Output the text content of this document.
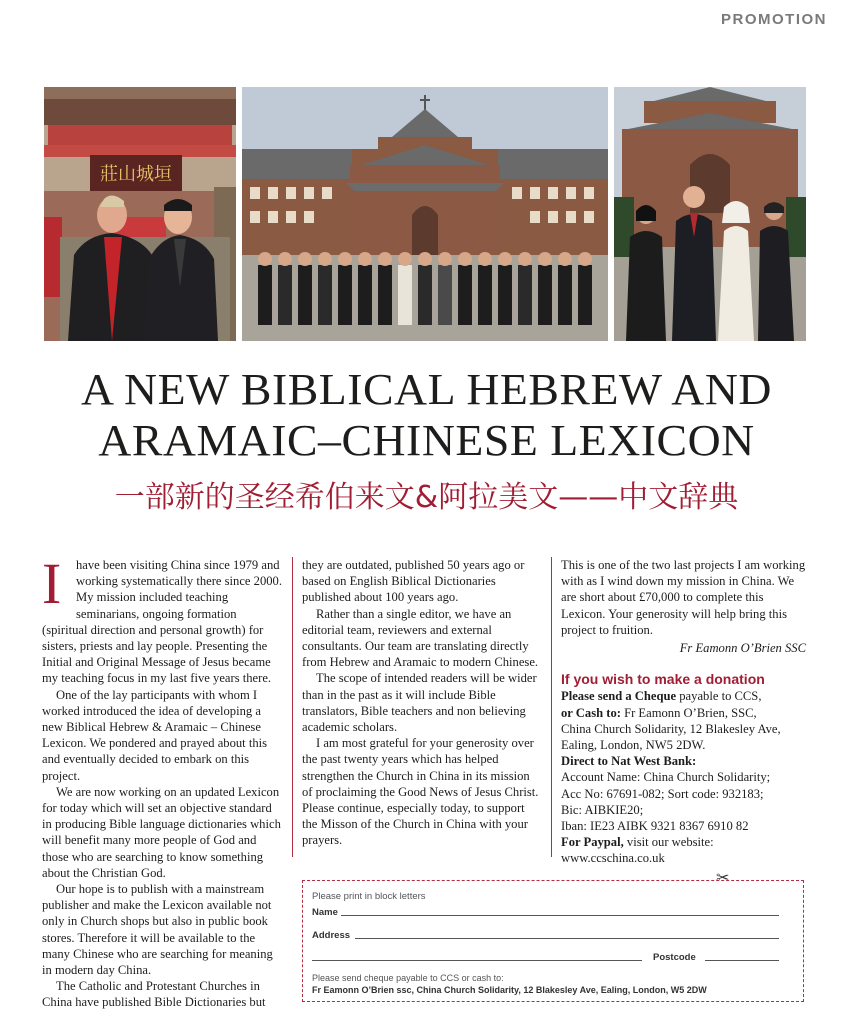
PROMOTION
莊山城垣
A NEW BIBLICAL HEBREW AND
ARAMAIC–CHINESE LEXICON
一部新的圣经希伯来文&阿拉美文——中文辞典

I	have been visiting China since 1979 and working systematically there since 2000. My mission included teaching seminarians, ongoing formation (spiritual direction and personal growth) for sisters, priests and lay people. Presenting the Initial and Original Message of Jesus became my teaching focus in my last five years there.

One of the lay participants with whom I worked introduced the idea of developing a new Biblical Hebrew & Aramaic – Chinese Lexicon. We pondered and prayed about this and eventually decided to embark on this project.

We are now working on an updated Lexicon for today which will set an objective standard in producing Bible language dictionaries which will benefit many more people of God and those who are searching to know something about the Christian God.

Our hope is to publish with a mainstream publisher and make the Lexicon available not only in Church shops but also in public book stores. Therefore it will be available to the many Chinese who are searching for meaning in modern day China.

The Catholic and Protestant Churches in China have published Bible Dictionaries but

they are outdated, published 50 years ago or based on English Biblical Dictionaries published about 100 years ago.

Rather than a single editor, we have an editorial team, reviewers and external consultants. Our team are translating directly from Hebrew and Aramaic to modern Chinese.

The scope of intended readers will be wider than in the past as it will include Bible translators, Bible teachers and non believing academic scholars.

I am most grateful for your generosity over the past twenty years which has helped strengthen the Church in China in its mission of proclaiming the Good News of Jesus Christ. Please continue, especially today, to support the Misson of the Church in China with your prayers.

This is one of the two last projects I am working with as I wind down my mission in China. We are short about £70,000 to complete this Lexicon. Your generosity will help bring this project to fruition.

Fr Eamonn O’Brien SSC

If you wish to make a donation

Please send a Cheque payable to CCS,

or Cash to: Fr Eamonn O’Brien, SSC,

China Church Solidarity, 12 Blakesley Ave,

Ealing, London, NW5 2DW.

Direct to Nat West Bank:

Account Name: China Church Solidarity;

Acc No: 67691-082; Sort code: 932183;

Bic: AIBKIE20;

Iban: IE23 AIBK 9321 8367 6910 82

For Paypal, visit our website:

www.ccschina.co.uk

✂
Please print in block letters
Name
Address
Postcode
Please send cheque payable to CCS or cash to:
Fr Eamonn O’Brien ssc, China Church Solidarity, 12 Blakesley Ave, Ealing, London, W5 2DW
